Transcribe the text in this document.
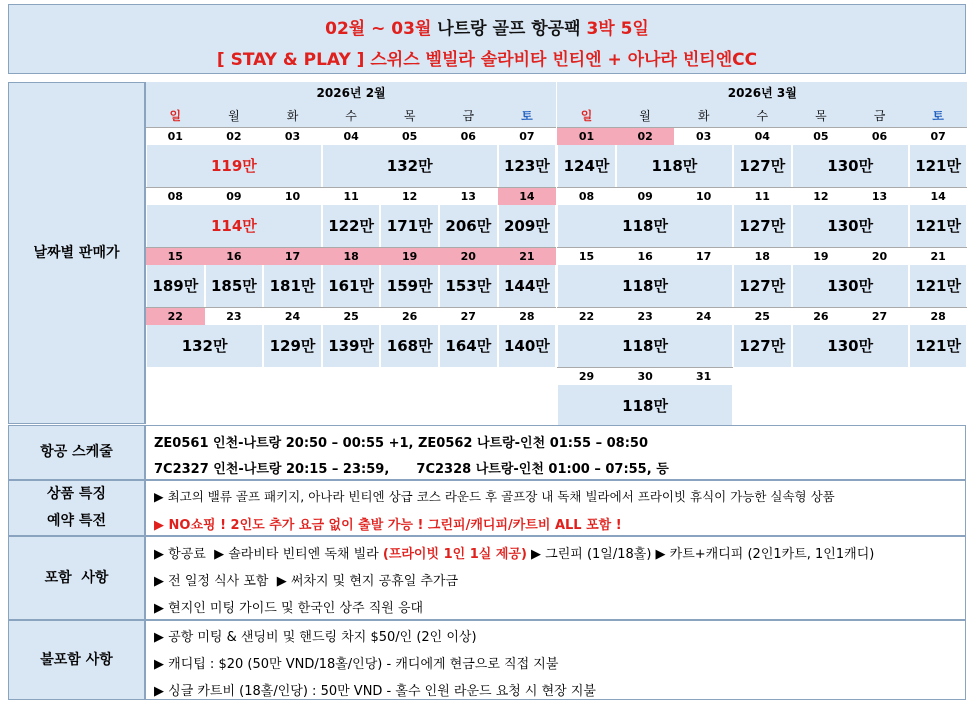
02월 ~ 03월 나트랑 골프 항공팩 3박 5일
[ STAY & PLAY ] 스위스 벨빌라 솔라비타 빈티엔 + 아나라 빈티엔CC
날짜별 판매가
2026년 2월
일	월	화	수	목	금	토
01	02	03	04	05	06	07
119만	132만	123만
08	09	10	11	12	13	14
114만	122만 171만 206만 209만
15	16	17	18	19	20	21
189만 185만 181만 161만 159만 153만 144만
22	23	24	25	26	27	28
132만	129만 139만 168만 164만 140만
2026년 3월
일	월	화	수	목	금	토
01	02	03	04	05	06	07
124만	118만	127만	130만	121만
08	09	10	11	12	13	14
118만	127만	130만	121만
15	16	17	18	19	20	21
118만	127만	130만	121만
22	23	24	25	26	27	28
118만	127만	130만	121만
29	30	31
118만
항공 스케줄
ZE0561 인천-나트랑 20:50 – 00:55 +1, ZE0562 나트랑-인천 01:55 – 08:50
7C2327 인천-나트랑 20:15 – 23:59,      7C2328 나트랑-인천 01:00 – 07:55, 등
상품 특징
예약 특전
▶ 최고의 밸류 골프 패키지, 아나라 빈티엔 상급 코스 라운드 후 골프장 내 독채 빌라에서 프라이빗 휴식이 가능한 실속형 상품
▶ NO쇼핑 ! 2인도 추가 요금 없이 출발 가능 ! 그린피/캐디피/카트비 ALL 포함 !
포함  사항
▶ 항공료  ▶ 솔라비타 빈티엔 독채 빌라 (프라이빗 1인 1실 제공) ▶ 그린피 (1일/18홀) ▶ 카트+캐디피 (2인1카트, 1인1캐디)
▶ 전 일정 식사 포함  ▶ 써차지 및 현지 공휴일 추가금
▶ 현지인 미팅 가이드 및 한국인 상주 직원 응대
불포함 사항
▶ 공항 미팅 & 샌딩비 및 핸드링 차지 $50/인 (2인 이상)
▶ 캐디팁 : $20 (50만 VND/18홀/인당) - 캐디에게 현금으로 직접 지불
▶ 싱글 카트비 (18홀/인당) : 50만 VND - 홀수 인원 라운드 요청 시 현장 지불
